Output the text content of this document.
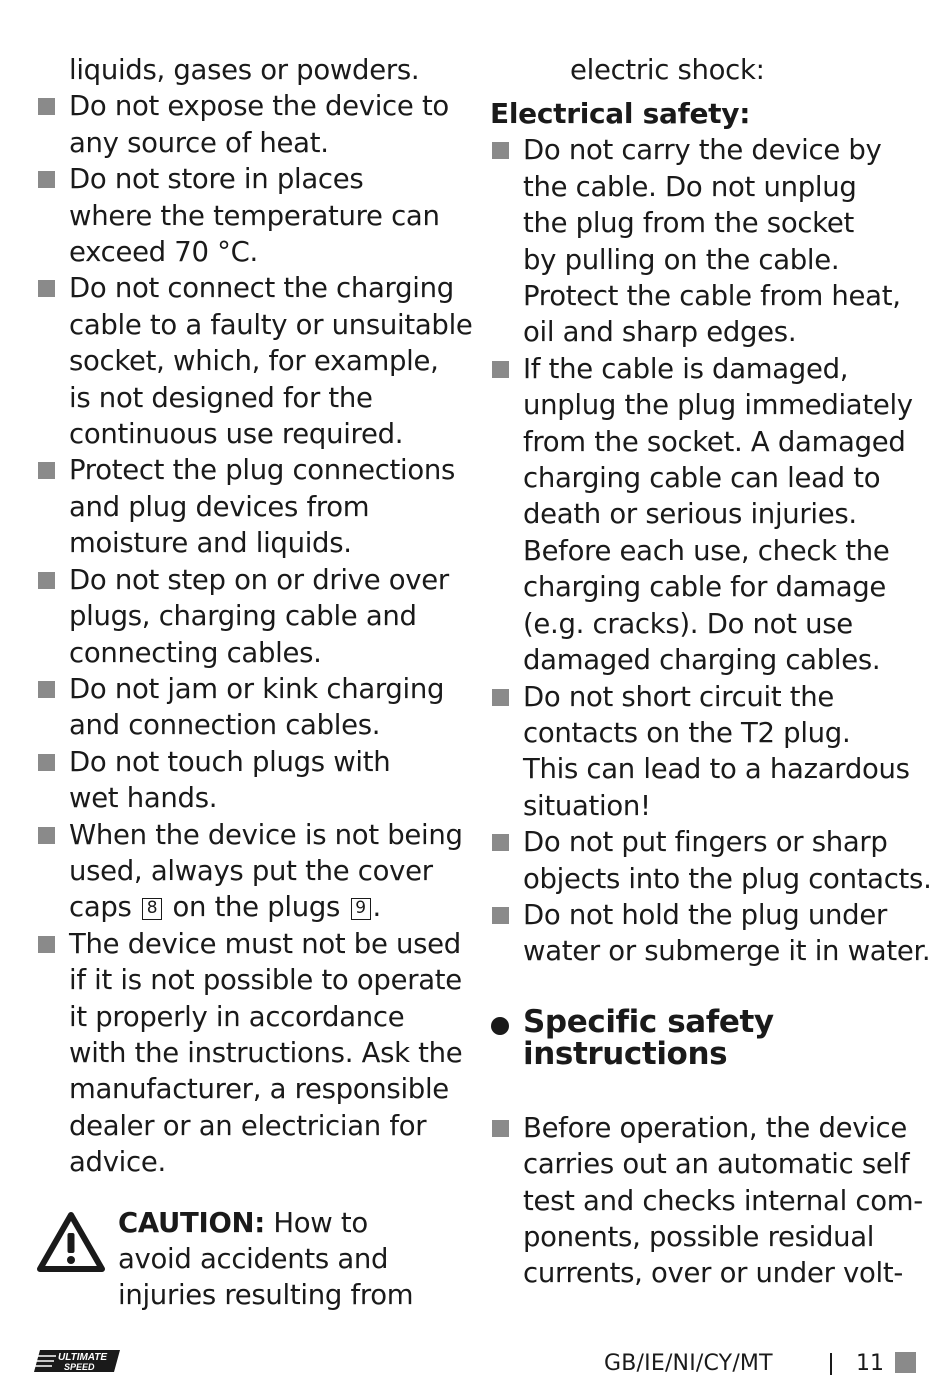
liquids, gases or powders.
Do not expose the device to
any source of heat.
Do not store in places
where the temperature can
exceed 70 °C.
Do not connect the charging
cable to a faulty or unsuitable
socket, which, for example,
is not designed for the
continuous use required.
Protect the plug connections
and plug devices from
moisture and liquids.
Do not step on or drive over
plugs, charging cable and
connecting cables.
Do not jam or kink charging
and connection cables.
Do not touch plugs with
wet hands.
When the device is not being
used, always put the cover
caps 8 on the plugs 9 .
The device must not be used
if it is not possible to operate
it properly in accordance
with the instructions. Ask the
manufacturer, a responsible
dealer or an electrician for
advice.
CAUTION: How to
avoid accidents and
injuries resulting from
electric shock:
Electrical safety:
Do not carry the device by
the cable. Do not unplug
the plug from the socket
by pulling on the cable.
Protect the cable from heat,
oil and sharp edges.
If the cable is damaged,
unplug the plug immediately
from the socket. A damaged
charging cable can lead to
death or serious injuries.
Before each use, check the
charging cable for damage
(e.g. cracks). Do not use
damaged charging cables.
Do not short circuit the
contacts on the T2 plug.
This can lead to a hazardous
situation!
Do not put fingers or sharp
objects into the plug contacts.
Do not hold the plug under
water or submerge it in water.
Specific safety
instructions
Before operation, the device
carries out an automatic self
test and checks internal com-
ponents, possible residual
currents, over or under volt-
ULTIMATE
SPEED	GB/IE/NI/CY/MT	11
